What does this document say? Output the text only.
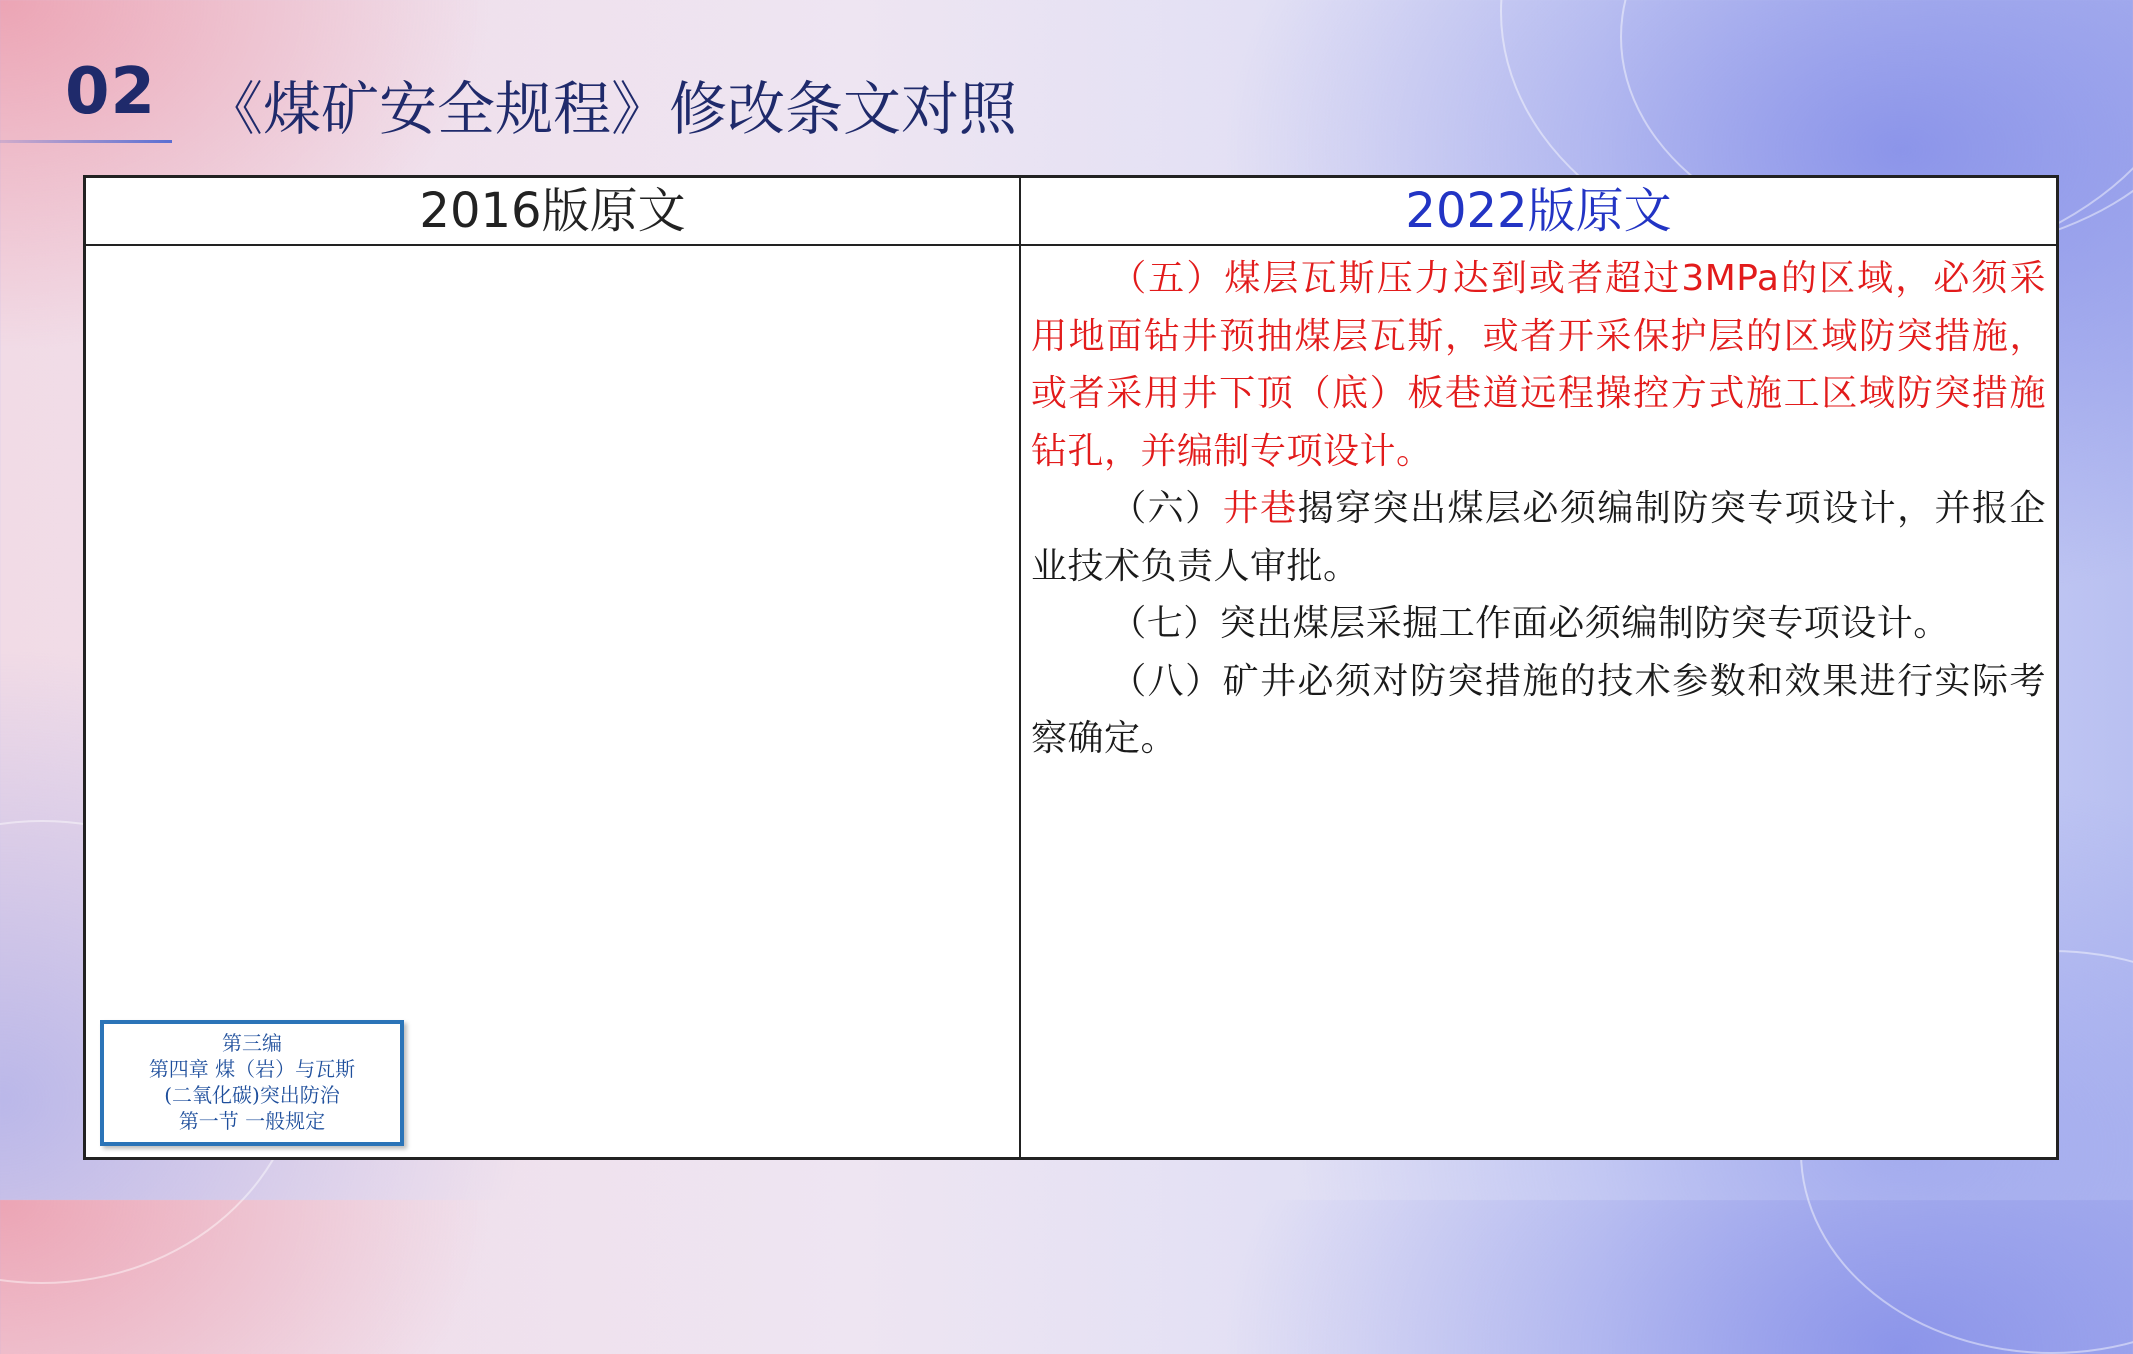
02 《煤矿安全规程》修改条文对照
2016版原文	2022版原文

（五）煤层瓦斯压力达到或者超过3MPa的区域，必须采用地面钻井预抽煤层瓦斯，或者开采保护层的区域防突措施，或者采用井下顶（底）板巷道远程操控方式施工区域防突措施钻孔，并编制专项设计。

（六）井巷揭穿突出煤层必须编制防突专项设计，并报企业技术负责人审批。

（七）突出煤层采掘工作面必须编制防突专项设计。

（八）矿井必须对防突措施的技术参数和效果进行实际考察确定。

第三编
第四章 煤（岩）与瓦斯
(二氧化碳)突出防治
第一节 一般规定
